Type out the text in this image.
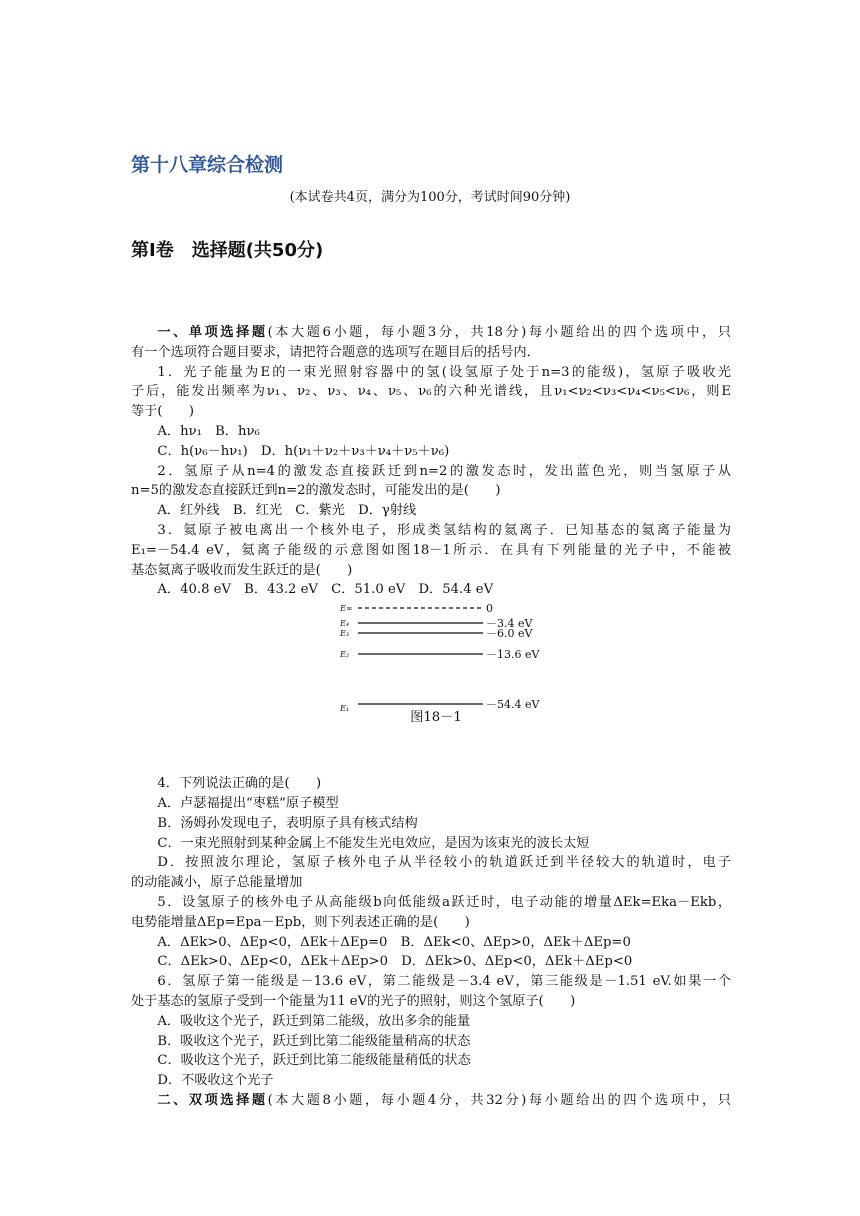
第十八章综合检测
(本试卷共4页，满分为100分，考试时间90分钟)
第Ⅰ卷　选择题(共50分)

一、单项选择题(本大题6小题，每小题3分，共18分)每小题给出的四个选项中，只

有一个选项符合题目要求，请把符合题意的选项写在题目后的括号内．

1．光子能量为E的一束光照射容器中的氢(设氢原子处于n=3的能级)，氢原子吸收光

子后，能发出频率为ν₁、ν₂、ν₃、ν₄、ν₅、ν₆的六种光谱线，且ν₁<ν₂<ν₃<ν₄<ν₅<ν₆，则E

等于(　　)

A．hν₁　B．hν₆

C．h(ν₆－hν₁)　D．h(ν₁＋ν₂＋ν₃＋ν₄＋ν₅＋ν₆)

2．氢原子从n=4的激发态直接跃迁到n=2的激发态时，发出蓝色光，则当氢原子从

n=5的激发态直接跃迁到n=2的激发态时，可能发出的是(　　)

A．红外线　B．红光　C．紫光　D．γ射线

3．氦原子被电离出一个核外电子，形成类氢结构的氦离子．已知基态的氦离子能量为

E₁=－54.4 eV，氦离子能级的示意图如图18－1所示．在具有下列能量的光子中，不能被

基态氦离子吸收而发生跃迁的是(　　)

A．40.8 eV　B．43.2 eV　C．51.0 eV　D．54.4 eV

E∞
E₄
E₃
E₂
E₁
0
－3.4 eV
－6.0 eV
－13.6 eV
－54.4 eV
图18－1

4．下列说法正确的是(　　)

A．卢瑟福提出“枣糕”原子模型

B．汤姆孙发现电子，表明原子具有核式结构

C．一束光照射到某种金属上不能发生光电效应，是因为该束光的波长太短

D．按照波尔理论，氢原子核外电子从半径较小的轨道跃迁到半径较大的轨道时，电子

的动能减小，原子总能量增加

5．设氢原子的核外电子从高能级b向低能级a跃迁时，电子动能的增量ΔEk=Eka－Ekb，

电势能增量ΔEp=Epa－Epb，则下列表述正确的是(　　)

A．ΔEk>0、ΔEp<0，ΔEk＋ΔEp=0　B．ΔEk<0、ΔEp>0，ΔEk＋ΔEp=0

C．ΔEk>0、ΔEp<0，ΔEk＋ΔEp>0　D．ΔEk>0、ΔEp<0，ΔEk＋ΔEp<0

6．氢原子第一能级是－13.6 eV，第二能级是－3.4 eV，第三能级是－1.51 eV.如果一个

处于基态的氢原子受到一个能量为11 eV的光子的照射，则这个氢原子(　　)

A．吸收这个光子，跃迁到第二能级，放出多余的能量

B．吸收这个光子，跃迁到比第二能级能量稍高的状态

C．吸收这个光子，跃迁到比第二能级能量稍低的状态

D．不吸收这个光子

二、双项选择题(本大题8小题，每小题4分，共32分)每小题给出的四个选项中，只
